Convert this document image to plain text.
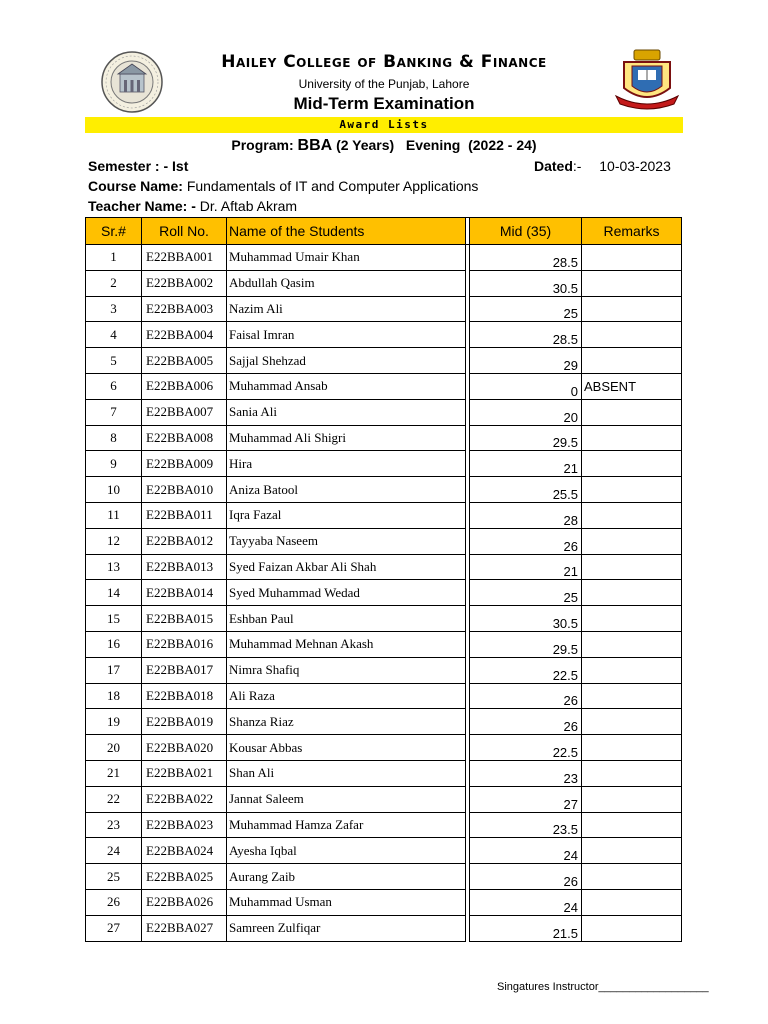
Hailey College of Banking & Finance
University of the Punjab, Lahore
Mid-Term Examination
Award Lists
Program: BBA (2 Years)   Evening  (2022 - 24)
Semester : - Ist	Dated:- 10-03-2023
Course Name: Fundamentals of IT and Computer Applications
Teacher Name: - Dr. Aftab Akram
Sr.#	Roll No.	Name of the Students		Mid (35)	Remarks
1	E22BBA001	Muhammad Umair Khan		28.5	
2	E22BBA002	Abdullah Qasim		30.5	
3	E22BBA003	Nazim Ali		25	
4	E22BBA004	Faisal Imran		28.5	
5	E22BBA005	Sajjal Shehzad		29	
6	E22BBA006	Muhammad Ansab		0	ABSENT
7	E22BBA007	Sania Ali		20	
8	E22BBA008	Muhammad Ali Shigri		29.5	
9	E22BBA009	Hira		21	
10	E22BBA010	Aniza Batool		25.5	
11	E22BBA011	Iqra Fazal		28	
12	E22BBA012	Tayyaba Naseem		26	
13	E22BBA013	Syed Faizan Akbar Ali Shah		21	
14	E22BBA014	Syed Muhammad Wedad		25	
15	E22BBA015	Eshban Paul		30.5	
16	E22BBA016	Muhammad Mehnan Akash		29.5	
17	E22BBA017	Nimra Shafiq		22.5	
18	E22BBA018	Ali Raza		26	
19	E22BBA019	Shanza Riaz		26	
20	E22BBA020	Kousar Abbas		22.5	
21	E22BBA021	Shan Ali		23	
22	E22BBA022	Jannat Saleem		27	
23	E22BBA023	Muhammad Hamza Zafar		23.5	
24	E22BBA024	Ayesha Iqbal		24	
25	E22BBA025	Aurang Zaib		26	
26	E22BBA026	Muhammad Usman		24	
27	E22BBA027	Samreen Zulfiqar		21.5	
Singatures Instructor__________________
